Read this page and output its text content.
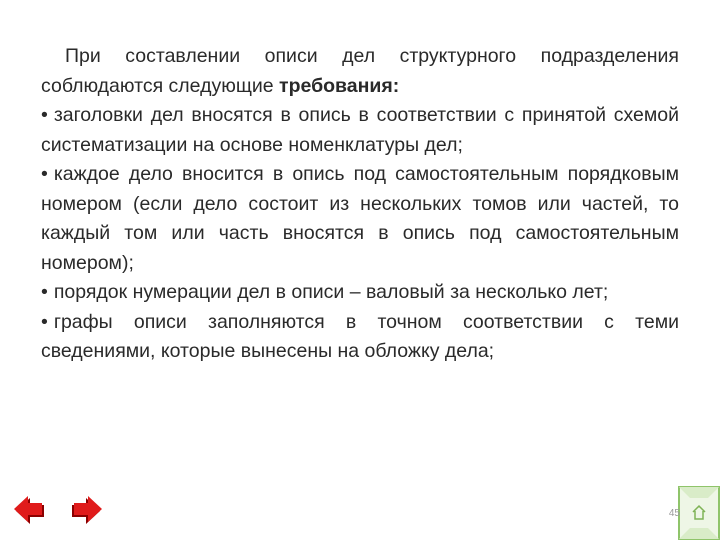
При составлении описи дел структурного подразделения соблюдаются следующие требования:

• заголовки дел вносятся в опись в соответствии с принятой схемой систематизации на основе номенклатуры дел;

• каждое дело вносится в опись под самостоятельным порядковым номером (если дело состоит из нескольких томов или частей, то каждый том или часть вносятся в опись под самостоятельным номером);

• порядок нумерации дел в описи – валовый за несколько лет;

• графы описи заполняются в точном соответствии с теми сведениями, которые вынесены на обложку дела;

45
